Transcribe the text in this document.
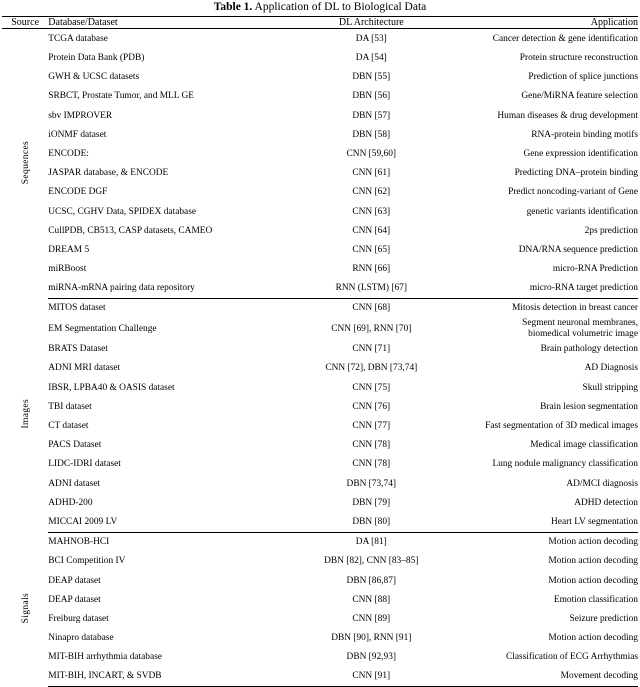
Table 1. Application of DL to Biological Data
Source	Database/Dataset	DL Architecture	Application
Sequences	TCGA database	DA [53]	Cancer detection & gene identification
	Protein Data Bank (PDB)	DA [54]	Protein structure reconstruction
	GWH & UCSC datasets	DBN [55]	Prediction of splice junctions
	SRBCT, Prostate Tumor, and MLL GE	DBN [56]	Gene/MiRNA feature selection
	sbv IMPROVER	DBN [57]	Human diseases & drug development
	iONMF dataset	DBN [58]	RNA-protein binding motifs
	ENCODE:	CNN [59,60]	Gene expression identification
	JASPAR database, & ENCODE	CNN [61]	Predicting DNA–protein binding
	ENCODE DGF	CNN [62]	Predict noncoding-variant of Gene
	UCSC, CGHV Data, SPIDEX database	CNN [63]	genetic variants identification
	CullPDB, CB513, CASP datasets, CAMEO	CNN [64]	2ps prediction
	DREAM 5	CNN [65]	DNA/RNA sequence prediction
	miRBoost	RNN [66]	micro-RNA Prediction
	miRNA-mRNA pairing data repository	RNN (LSTM) [67]	micro-RNA target prediction
Images	MITOS dataset	CNN [68]	Mitosis detection in breast cancer
	EM Segmentation Challenge	CNN [69], RNN [70]	Segment neuronal membranes,
biomedical volumetric image
	BRATS Dataset	CNN [71]	Brain pathology detection
	ADNI MRI dataset	CNN [72], DBN [73,74]	AD Diagnosis
	IBSR, LPBA40 & OASIS dataset	CNN [75]	Skull stripping
	TBI dataset	CNN [76]	Brain lesion segmentation
	CT dataset	CNN [77]	Fast segmentation of 3D medical images
	PACS Dataset	CNN [78]	Medical image classification
	LIDC-IDRI dataset	CNN [78]	Lung nodule malignancy classification
	ADNI dataset	DBN [73,74]	AD/MCI diagnosis
	ADHD-200	DBN [79]	ADHD detection
	MICCAI 2009 LV	DBN [80]	Heart LV segmentation
Signals	MAHNOB-HCI	DA [81]	Motion action decoding
	BCI Competition IV	DBN [82], CNN [83–85]	Motion action decoding
	DEAP dataset	DBN [86,87]	Motion action decoding
	DEAP dataset	CNN [88]	Emotion classification
	Freiburg dataset	CNN [89]	Seizure prediction
	Ninapro database	DBN [90], RNN [91]	Motion action decoding
	MIT-BIH arrhythmia database	DBN [92,93]	Classification of ECG Arrhythmias
	MIT-BIH, INCART, & SVDB	CNN [91]	Movement decoding
